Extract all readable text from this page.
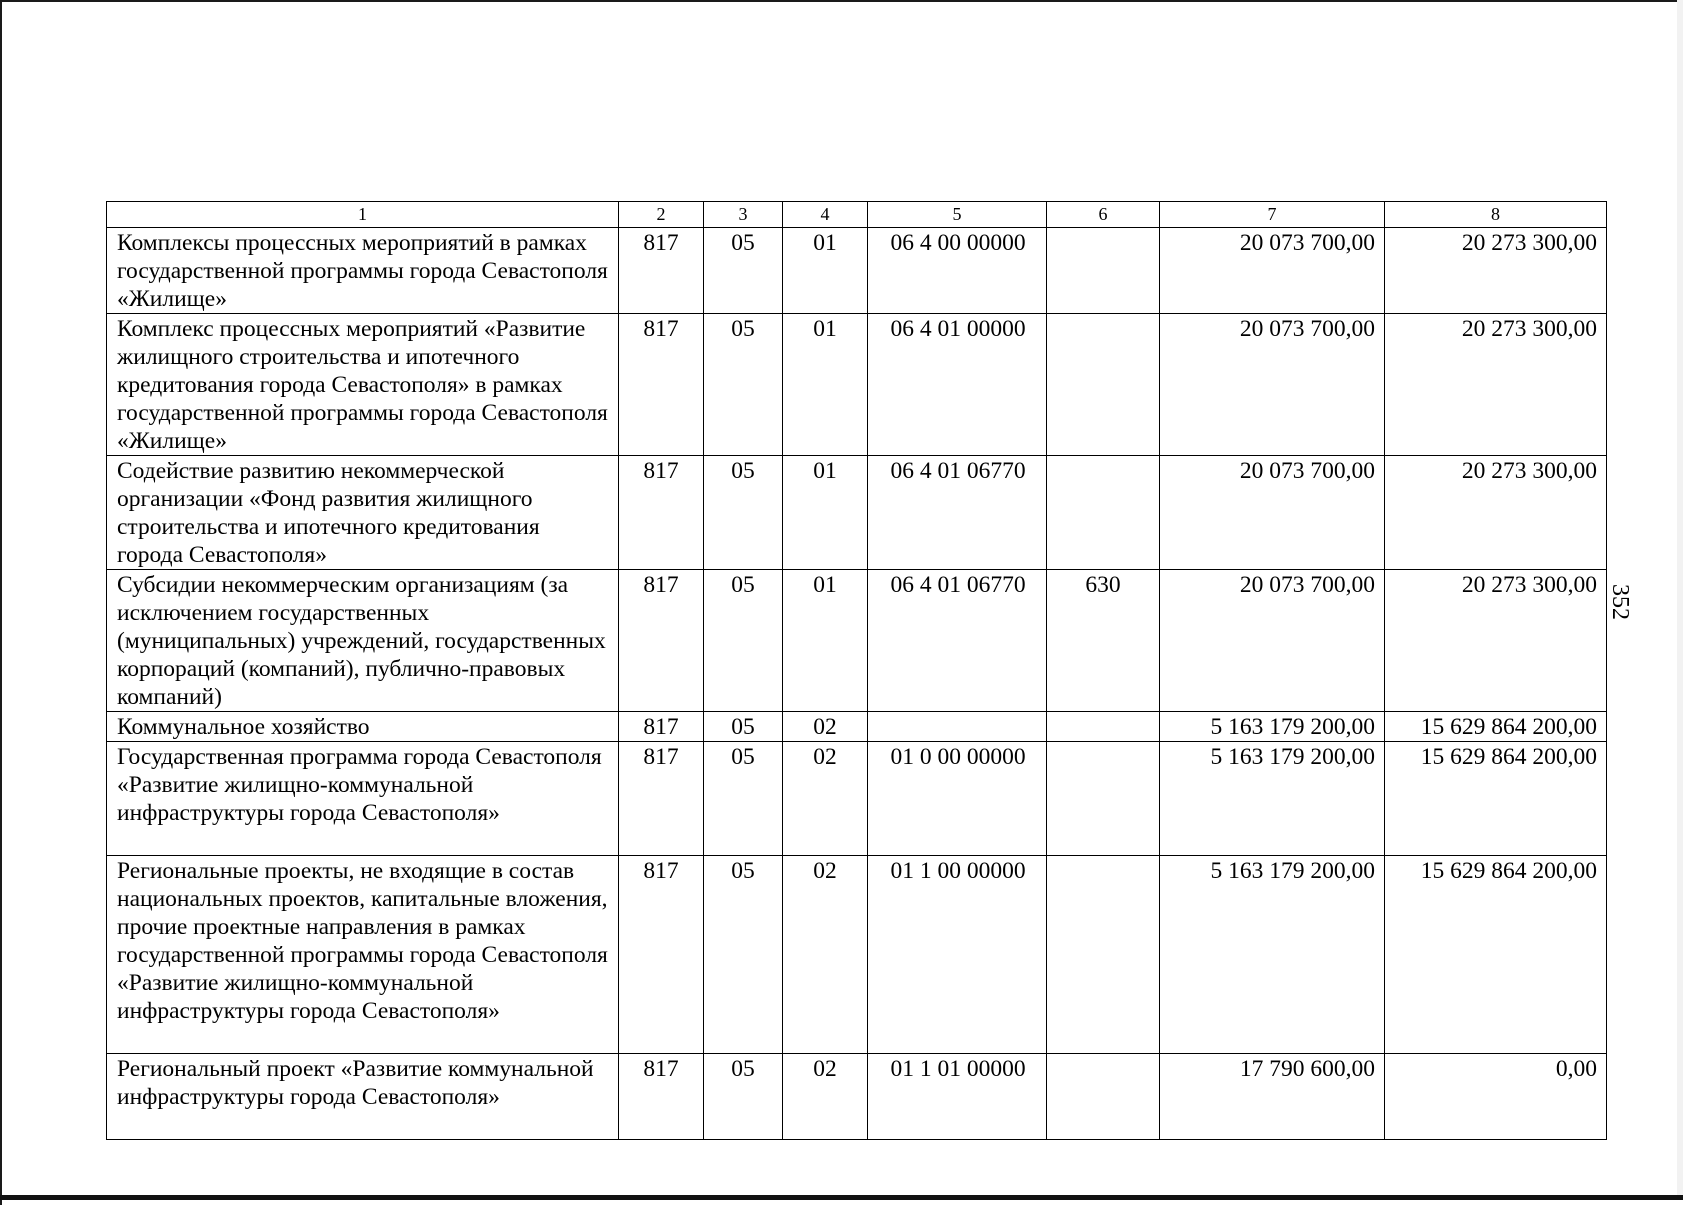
1	2	3	4	5	6	7	8
Комплексы процессных мероприятий в рамках государственной программы города Севастополя «Жилище»	817	05	01	06 4 00 00000		20 073 700,00	20 273 300,00
Комплекс процессных мероприятий «Развитие жилищного строительства и ипотечного кредитования города Севастополя» в рамках государственной программы города Севастополя «Жилище»	817	05	01	06 4 01 00000		20 073 700,00	20 273 300,00
Содействие развитию некоммерческой организации «Фонд развития жилищного строительства и ипотечного кредитования города Севастополя»	817	05	01	06 4 01 06770		20 073 700,00	20 273 300,00
Субсидии некоммерческим организациям (за исключением государственных (муниципальных) учреждений, государственных корпораций (компаний), публично-правовых компаний)	817	05	01	06 4 01 06770	630	20 073 700,00	20 273 300,00
Коммунальное хозяйство	817	05	02			5 163 179 200,00	15 629 864 200,00
Государственная программа города Севастополя «Развитие жилищно-коммунальной инфраструктуры города Севастополя»	817	05	02	01 0 00 00000		5 163 179 200,00	15 629 864 200,00
Региональные проекты, не входящие в состав национальных проектов, капитальные вложения, прочие проектные направления в рамках государственной программы города Севастополя «Развитие жилищно-коммунальной инфраструктуры города Севастополя»	817	05	02	01 1 00 00000		5 163 179 200,00	15 629 864 200,00
Региональный проект «Развитие коммунальной инфраструктуры города Севастополя»	817	05	02	01 1 01 00000		17 790 600,00	0,00
352
